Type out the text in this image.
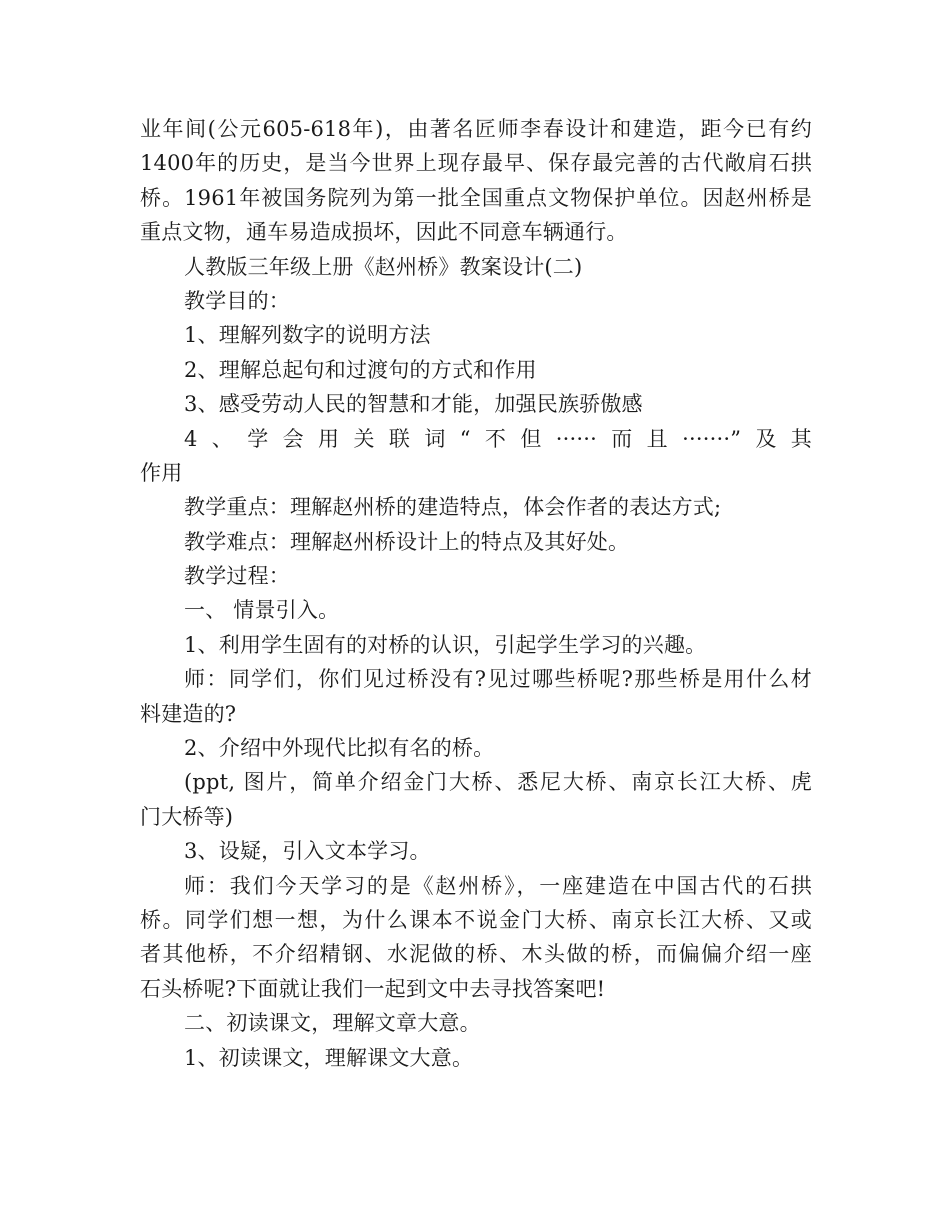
业年间(公元605-618年)，由著名匠师李春设计和建造，距今已有约
1400年的历史，是当今世界上现存最早、保存最完善的古代敞肩石拱
桥。1961年被国务院列为第一批全国重点文物保护单位。因赵州桥是
重点文物，通车易造成损坏，因此不同意车辆通行。
人教版三年级上册《赵州桥》教案设计(二)
教学目的：
1、理解列数字的说明方法
2、理解总起句和过渡句的方式和作用
3、感受劳动人民的智慧和才能，加强民族骄傲感
4、学会用关联词“不但······而且·······”及其
作用
教学重点：理解赵州桥的建造特点，体会作者的表达方式;
教学难点：理解赵州桥设计上的特点及其好处。
教学过程：
一、 情景引入。
1、利用学生固有的对桥的认识，引起学生学习的兴趣。
师：同学们，你们见过桥没有?见过哪些桥呢?那些桥是用什么材
料建造的?
2、介绍中外现代比拟有名的桥。
(ppt, 图片，简单介绍金门大桥、悉尼大桥、南京长江大桥、虎
门大桥等)
3、设疑，引入文本学习。
师：我们今天学习的是《赵州桥》，一座建造在中国古代的石拱
桥。同学们想一想，为什么课本不说金门大桥、南京长江大桥、又或
者其他桥，不介绍精钢、水泥做的桥、木头做的桥，而偏偏介绍一座
石头桥呢?下面就让我们一起到文中去寻找答案吧!
二、初读课文，理解文章大意。
1、初读课文，理解课文大意。
